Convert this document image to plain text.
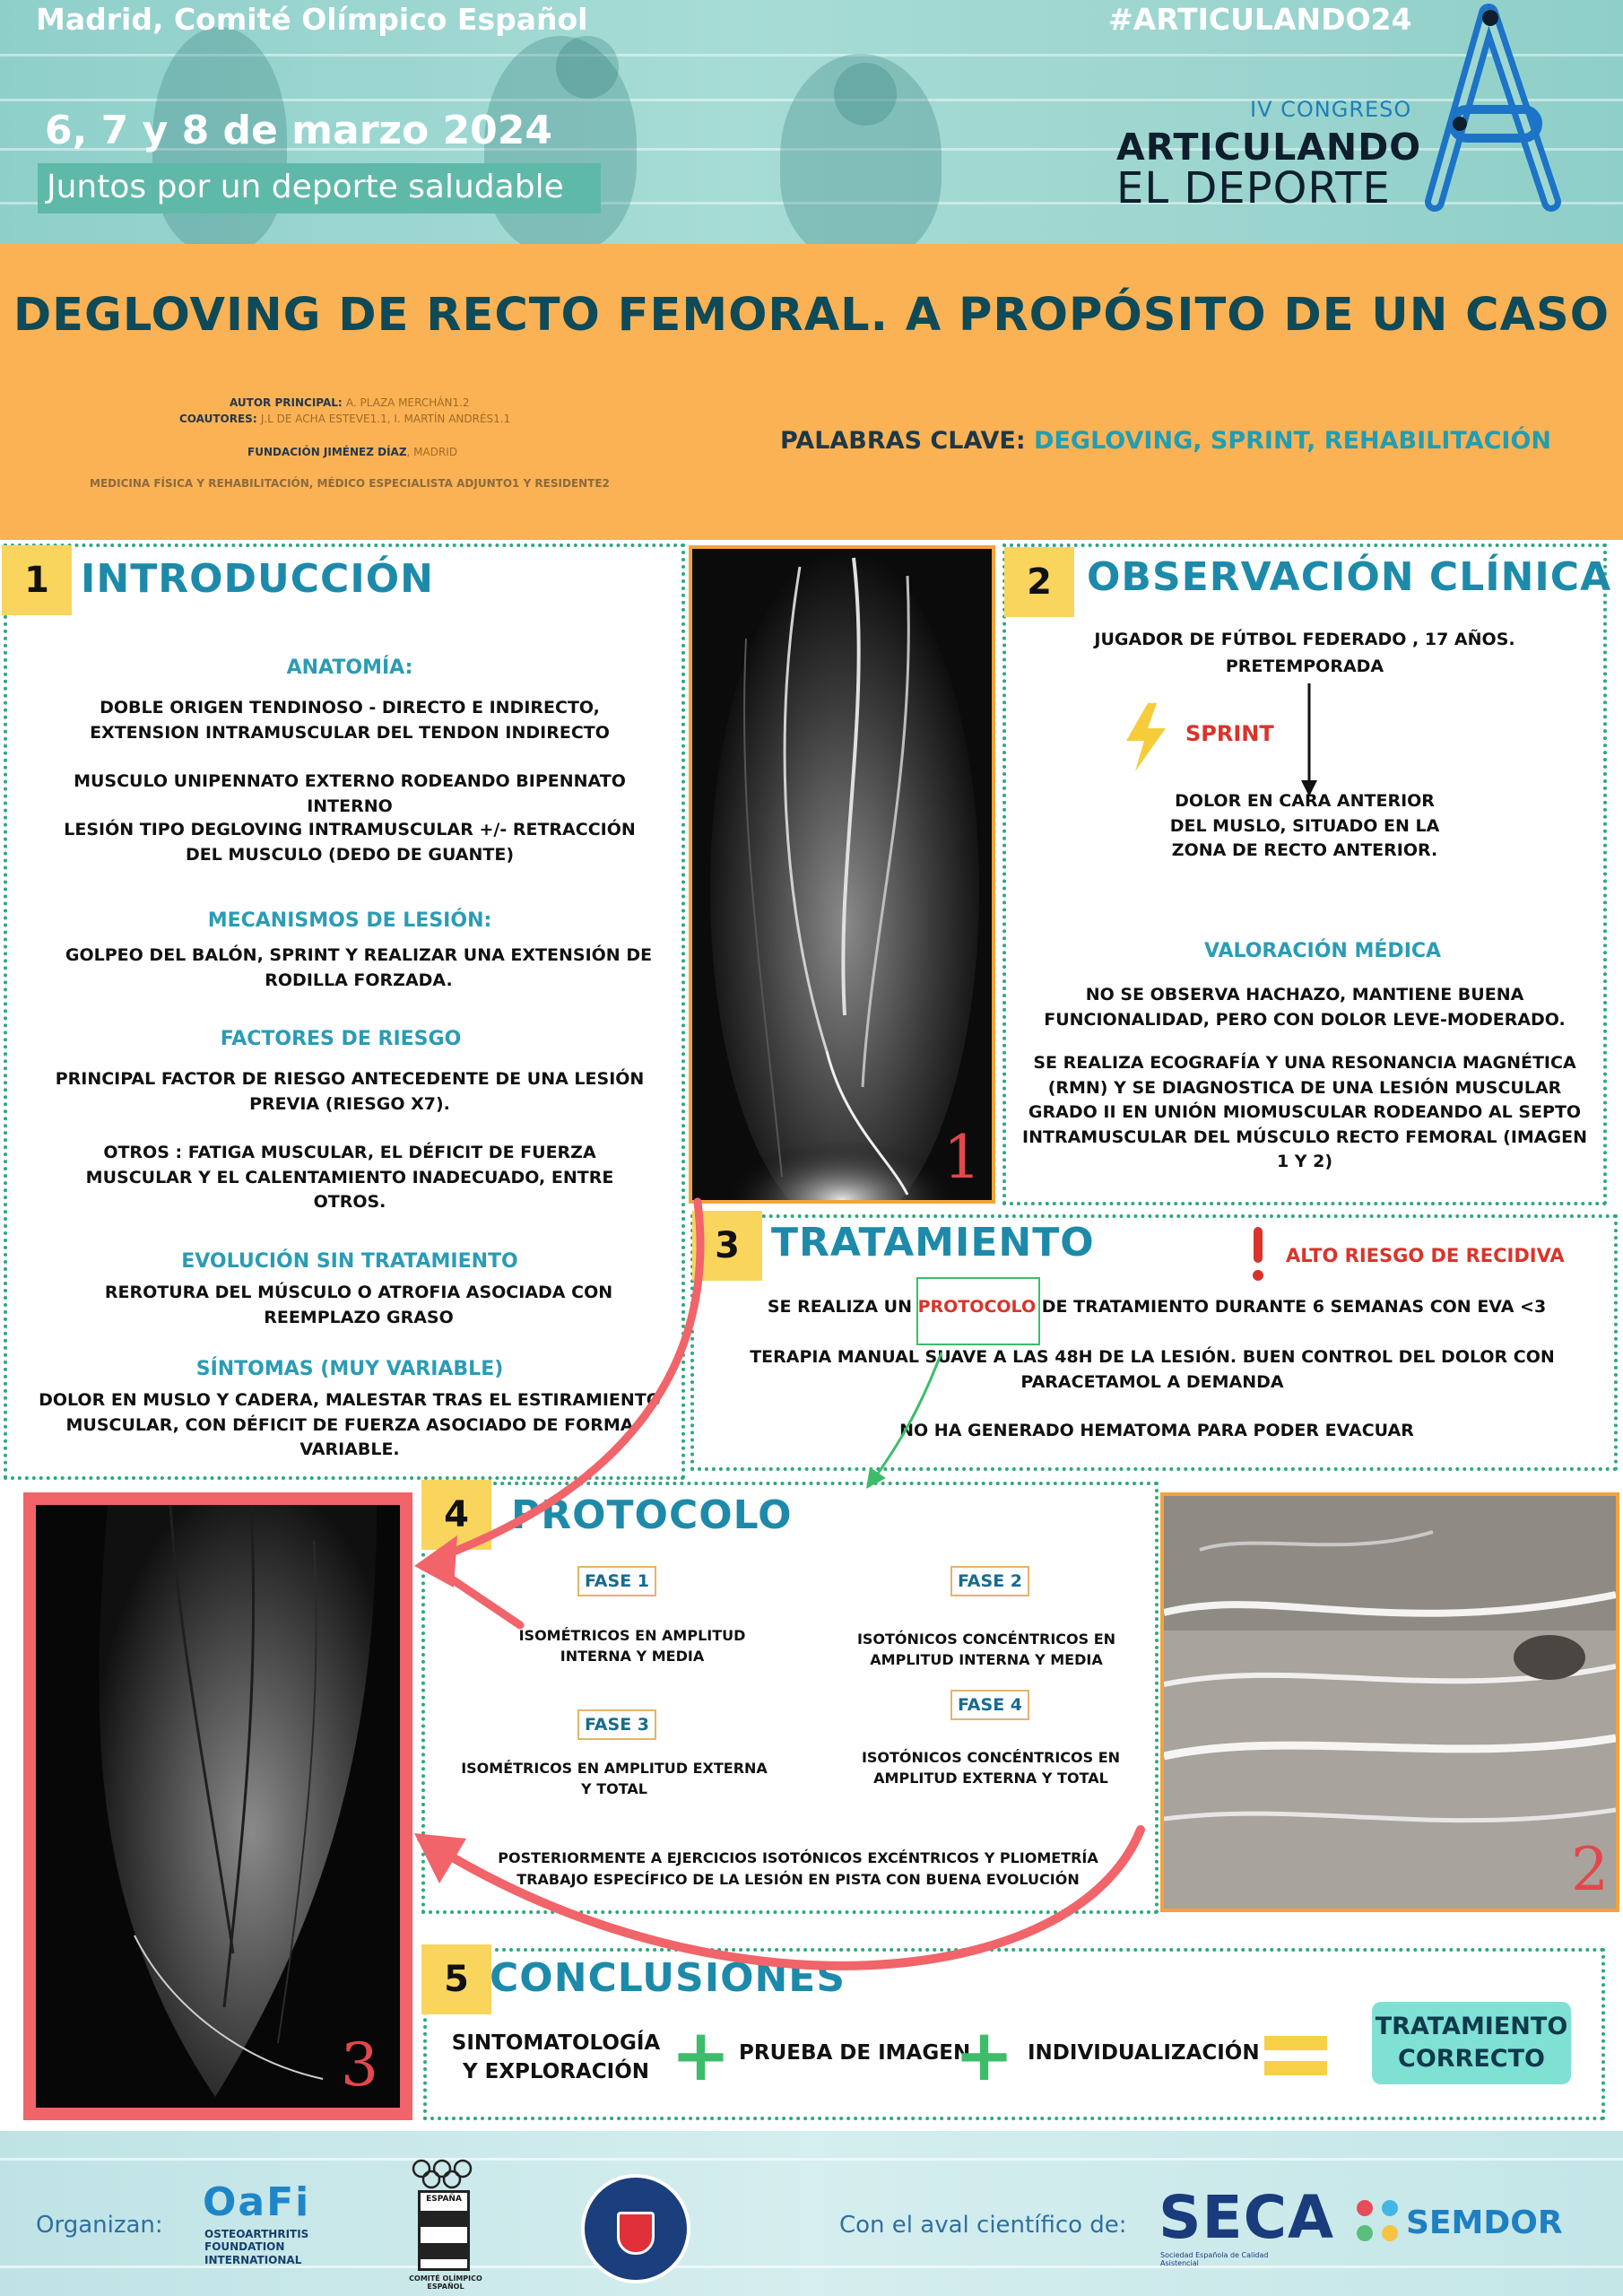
Madrid, Comité Olímpico Español
6, 7 y 8 de marzo 2024
Juntos por un deporte saludable
#ARTICULANDO24
IV CONGRESO
ARTICULANDO
EL DEPORTE
DEGLOVING DE RECTO FEMORAL. A PROPÓSITO DE UN CASO
AUTOR PRINCIPAL: A. PLAZA MERCHÁN1.2
COAUTORES: J.L DE ACHA ESTEVE1.1, I. MARTÍN ANDRÉS1.1
FUNDACIÓN JIMÉNEZ DÍAZ, MADRID
MEDICINA FÍSICA Y REHABILITACIÓN, MÉDICO ESPECIALISTA ADJUNTO1 Y RESIDENTE2
PALABRAS CLAVE: DEGLOVING, SPRINT, REHABILITACIÓN
1 INTRODUCCIÓN
ANATOMÍA:
DOBLE ORIGEN TENDINOSO - DIRECTO E INDIRECTO, EXTENSION INTRAMUSCULAR DEL TENDON INDIRECTO
MUSCULO UNIPENNATO EXTERNO RODEANDO BIPENNATO INTERNO
LESIÓN TIPO DEGLOVING INTRAMUSCULAR +/- RETRACCIÓN DEL MUSCULO (DEDO DE GUANTE)
MECANISMOS DE LESIÓN:
GOLPEO DEL BALÓN, SPRINT Y REALIZAR UNA EXTENSIÓN DE RODILLA FORZADA.
FACTORES DE RIESGO
PRINCIPAL FACTOR DE RIESGO ANTECEDENTE DE UNA LESIÓN PREVIA (RIESGO X7).
OTROS : FATIGA MUSCULAR, EL DÉFICIT DE FUERZA MUSCULAR Y EL CALENTAMIENTO INADECUADO, ENTRE OTROS.
EVOLUCIÓN SIN TRATAMIENTO
REROTURA DEL MÚSCULO O ATROFIA ASOCIADA CON REEMPLAZO GRASO
SÍNTOMAS (MUY VARIABLE)
DOLOR EN MUSLO Y CADERA, MALESTAR TRAS EL ESTIRAMIENTO MUSCULAR, CON DÉFICIT DE FUERZA ASOCIADO DE FORMA VARIABLE.
1
2 OBSERVACIÓN CLÍNICA
JUGADOR DE FÚTBOL FEDERADO , 17 AÑOS.
PRETEMPORADA
SPRINT
DOLOR EN CARA ANTERIOR DEL MUSLO, SITUADO EN LA ZONA DE RECTO ANTERIOR.
VALORACIÓN MÉDICA
NO SE OBSERVA HACHAZO, MANTIENE BUENA FUNCIONALIDAD, PERO CON DOLOR LEVE-MODERADO.
SE REALIZA ECOGRAFÍA Y UNA RESONANCIA MAGNÉTICA (RMN) Y SE DIAGNOSTICA DE UNA LESIÓN MUSCULAR GRADO II EN UNIÓN MIOMUSCULAR RODEANDO AL SEPTO INTRAMUSCULAR DEL MÚSCULO RECTO FEMORAL (IMAGEN 1 Y 2)
3 TRATAMIENTO	ALTO RIESGO DE RECIDIVA
SE REALIZA UN PROTOCOLO DE TRATAMIENTO DURANTE 6 SEMANAS CON EVA <3
TERAPIA MANUAL SUAVE A LAS 48H DE LA LESIÓN. BUEN CONTROL DEL DOLOR CON PARACETAMOL A DEMANDA
NO HA GENERADO HEMATOMA PARA PODER EVACUAR
2
3
4	PROTOCOLO
FASE 1
ISOMÉTRICOS EN AMPLITUD INTERNA Y MEDIA
FASE 2
ISOTÓNICOS CONCÉNTRICOS EN AMPLITUD INTERNA Y MEDIA
FASE 3
ISOMÉTRICOS EN AMPLITUD EXTERNA Y TOTAL
FASE 4
ISOTÓNICOS CONCÉNTRICOS EN AMPLITUD EXTERNA Y TOTAL
POSTERIORMENTE A EJERCICIOS ISOTÓNICOS EXCÉNTRICOS Y PLIOMETRÍA
TRABAJO ESPECÍFICO DE LA LESIÓN EN PISTA CON BUENA EVOLUCIÓN
5 CONCLUSIONES
SINTOMATOLOGÍA Y EXPLORACIÓN + PRUEBA DE IMAGEN
+ INDIVIDUALIZACIÓN
TRATAMIENTO CORRECTO
Organizan: OaFi
OSTEOARTHRITIS FOUNDATION INTERNATIONAL
ESPAÑA
COMITÉ OLÍMPICO ESPAÑOL
Con el aval científico de: SECA
Sociedad Española de Calidad Asistencial
SEMDOR
